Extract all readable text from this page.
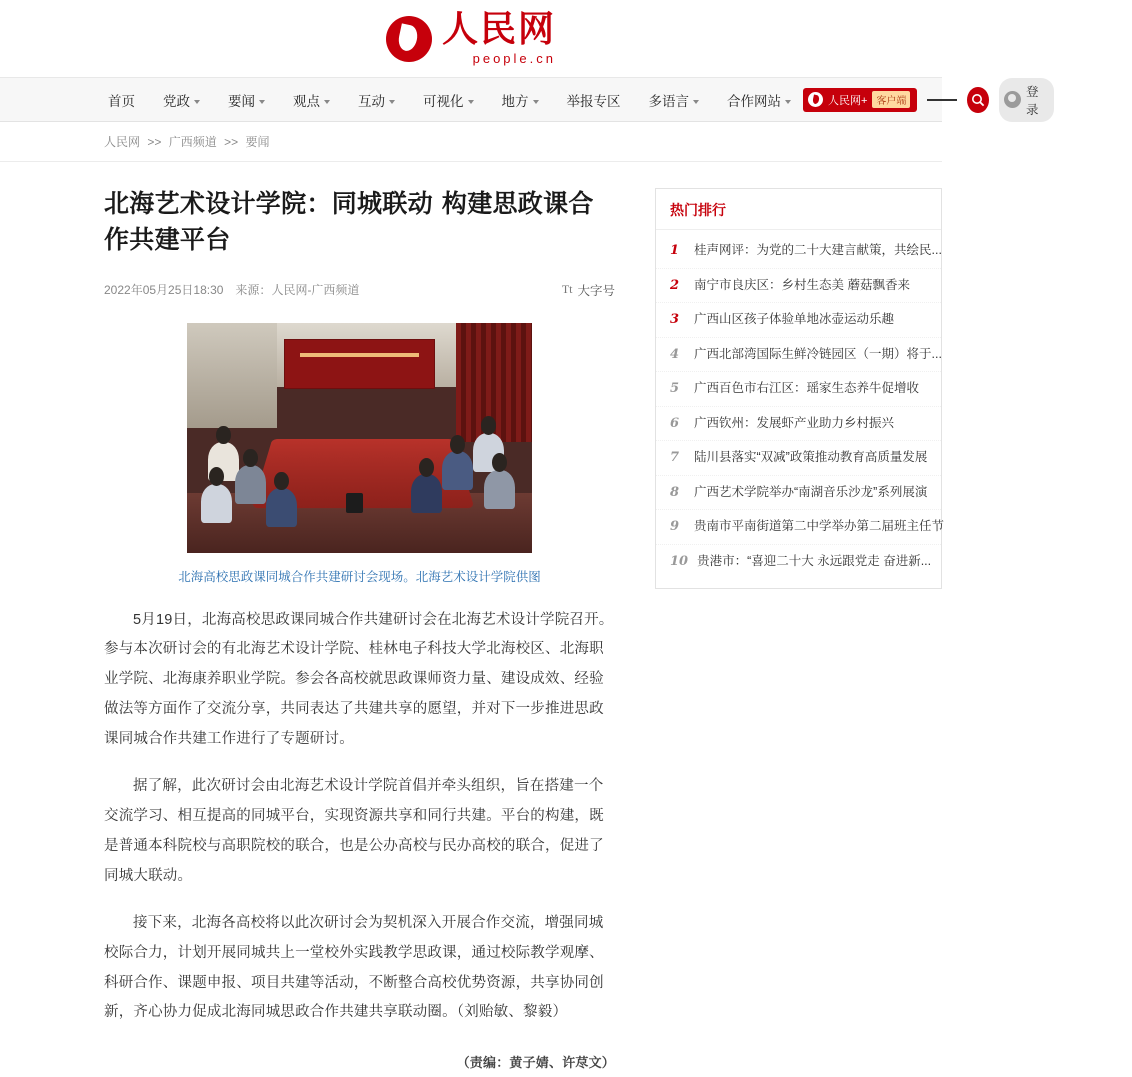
人民网
people.cn
首页	党政	要闻	观点	互动	可视化	地方	举报专区	多语言	合作网站	人民网+ 客户端
登录
人民网 >> 广西频道 >> 要闻
北海艺术设计学院：同城联动 构建思政课合作共建平台
2022年05月25日18:30 来源：人民网-广西频道	Tt 大字号
北海高校思政课同城合作共建研讨会现场。北海艺术设计学院供图

5月19日，北海高校思政课同城合作共建研讨会在北海艺术设计学院召开。参与本次研讨会的有北海艺术设计学院、桂林电子科技大学北海校区、北海职业学院、北海康养职业学院。参会各高校就思政课师资力量、建设成效、经验做法等方面作了交流分享，共同表达了共建共享的愿望，并对下一步推进思政课同城合作共建工作进行了专题研讨。

据了解，此次研讨会由北海艺术设计学院首倡并牵头组织，旨在搭建一个交流学习、相互提高的同城平台，实现资源共享和同行共建。平台的构建，既是普通本科院校与高职院校的联合，也是公办高校与民办高校的联合，促进了同城大联动。

接下来，北海各高校将以此次研讨会为契机深入开展合作交流，增强同城校际合力，计划开展同城共上一堂校外实践教学思政课，通过校际教学观摩、科研合作、课题申报、项目共建等活动，不断整合高校优势资源，共享协同创新，齐心协力促成北海同城思政合作共建共享联动圈。（刘贻敏、黎毅）

（责编：黄子婧、许荩文）

热门排行
1	桂声网评：为党的二十大建言献策，共绘民...
2	南宁市良庆区：乡村生态美 蘑菇飘香来
3	广西山区孩子体验单地冰壶运动乐趣
4	广西北部湾国际生鲜冷链园区（一期）将于...
5	广西百色市右江区：瑶家生态养牛促增收
6	广西钦州：发展虾产业助力乡村振兴
7	陆川县落实“双减”政策推动教育高质量发展
8	广西艺术学院举办“南湖音乐沙龙”系列展演
9	贵南市平南街道第二中学举办第二届班主任节
10 贵港市：“喜迎二十大 永远跟党走 奋进新...
